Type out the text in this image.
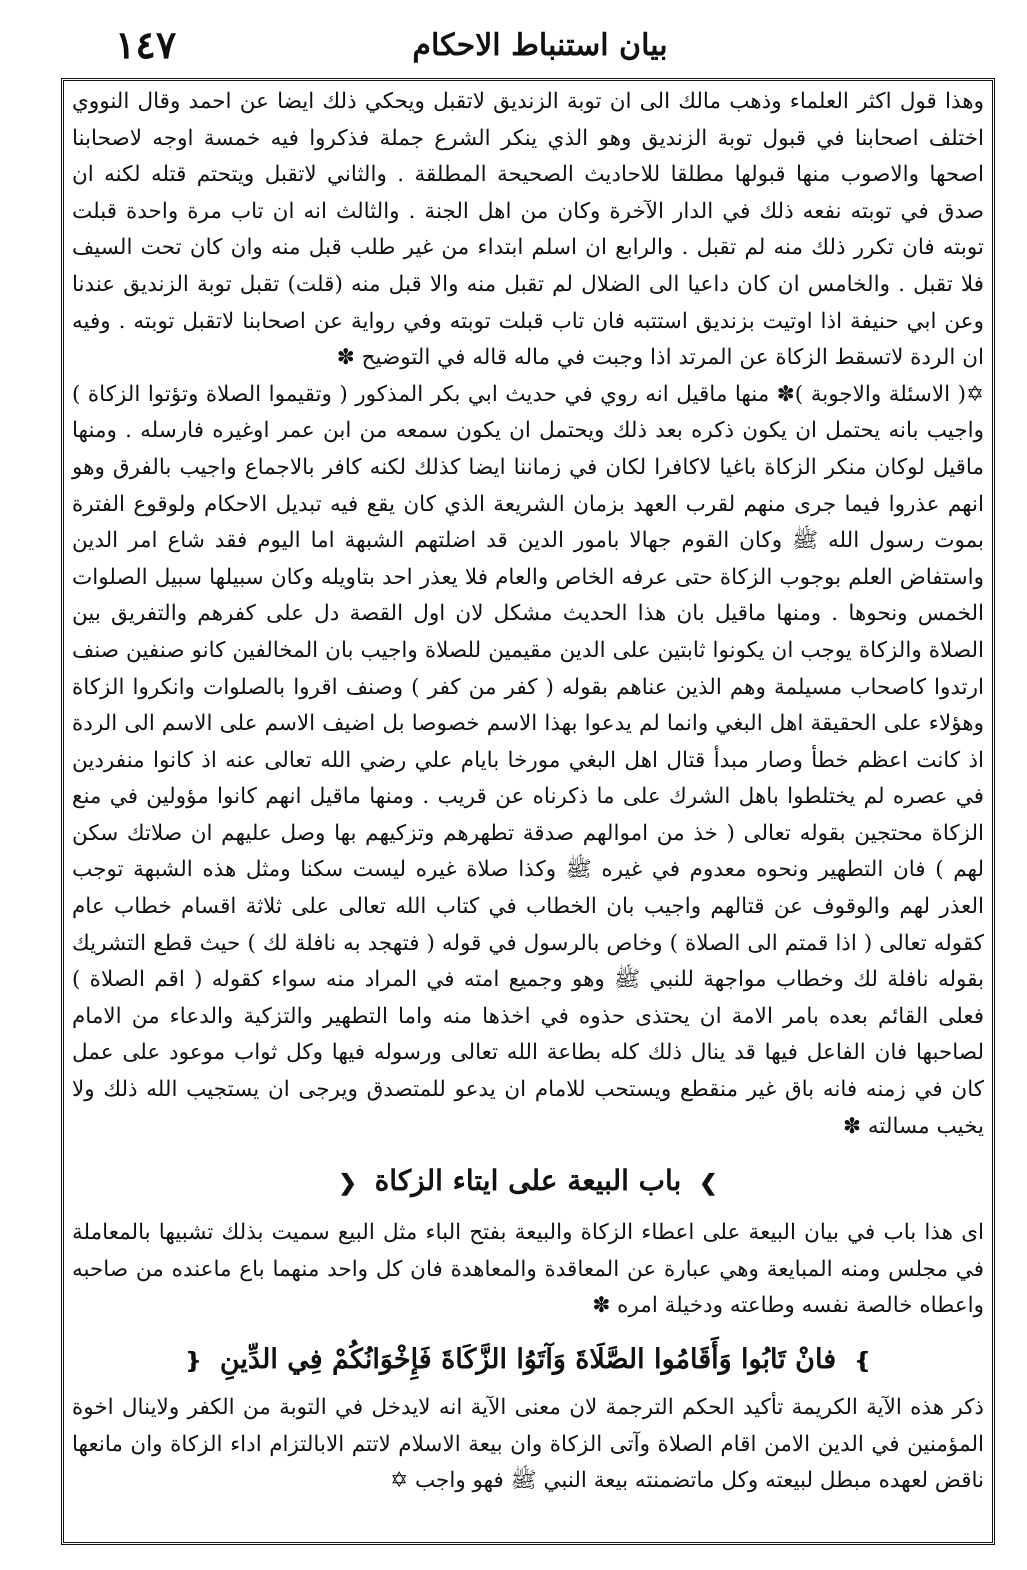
١٤٧	بيان استنباط الاحكام

وهذا قول اكثر العلماء وذهب مالك الى ان توبة الزنديق لاتقبل ويحكي ذلك ايضا عن احمد وقال النووي اختلف اصحابنا في قبول توبة الزنديق وهو الذي ينكر الشرع جملة فذكروا فيه خمسة اوجه لاصحابنا اصحها والاصوب منها قبولها مطلقا للاحاديث الصحيحة المطلقة . والثاني لاتقبل ويتحتم قتله لكنه ان صدق في توبته نفعه ذلك في الدار الآخرة وكان من اهل الجنة . والثالث انه ان تاب مرة واحدة قبلت توبته فان تكرر ذلك منه لم تقبل . والرابع ان اسلم ابتداء من غير طلب قبل منه وان كان تحت السيف فلا تقبل . والخامس ان كان داعيا الى الضلال لم تقبل منه والا قبل منه (قلت) تقبل توبة الزنديق عندنا وعن ابي حنيفة اذا اوتيت بزنديق استتبه فان تاب قبلت توبته وفي رواية عن اصحابنا لاتقبل توبته . وفيه ان الردة لاتسقط الزكاة عن المرتد اذا وجبت في ماله قاله في التوضيح ✽

✡( الاسئلة والاجوبة )✽ منها ماقيل انه روي في حديث ابي بكر المذكور ( وتقيموا الصلاة وتؤتوا الزكاة ) واجيب بانه يحتمل ان يكون ذكره بعد ذلك ويحتمل ان يكون سمعه من ابن عمر اوغيره فارسله . ومنها ماقيل لوكان منكر الزكاة باغيا لاكافرا لكان في زماننا ايضا كذلك لكنه كافر بالاجماع واجيب بالفرق وهو انهم عذروا فيما جرى منهم لقرب العهد بزمان الشريعة الذي كان يقع فيه تبديل الاحكام ولوقوع الفترة بموت رسول الله ﷺ وكان القوم جهالا بامور الدين قد اضلتهم الشبهة اما اليوم فقد شاع امر الدين واستفاض العلم بوجوب الزكاة حتى عرفه الخاص والعام فلا يعذر احد بتاويله وكان سبيلها سبيل الصلوات الخمس ونحوها . ومنها ماقيل بان هذا الحديث مشكل لان اول القصة دل على كفرهم والتفريق بين الصلاة والزكاة يوجب ان يكونوا ثابتين على الدين مقيمين للصلاة واجيب بان المخالفين كانو صنفين صنف ارتدوا كاصحاب مسيلمة وهم الذين عناهم بقوله ( كفر من كفر ) وصنف اقروا بالصلوات وانكروا الزكاة وهؤلاء على الحقيقة اهل البغي وانما لم يدعوا بهذا الاسم خصوصا بل اضيف الاسم على الاسم الى الردة اذ كانت اعظم خطأ وصار مبدأ قتال اهل البغي مورخا بايام علي رضي الله تعالى عنه اذ كانوا منفردين في عصره لم يختلطوا باهل الشرك على ما ذكرناه عن قريب . ومنها ماقيل انهم كانوا مؤولين في منع الزكاة محتجين بقوله تعالى ( خذ من اموالهم صدقة تطهرهم وتزكيهم بها وصل عليهم ان صلاتك سكن لهم ) فان التطهير ونحوه معدوم في غيره ﷺ وكذا صلاة غيره ليست سكنا ومثل هذه الشبهة توجب العذر لهم والوقوف عن قتالهم واجيب بان الخطاب في كتاب الله تعالى على ثلاثة اقسام خطاب عام كقوله تعالى ( اذا قمتم الى الصلاة ) وخاص بالرسول في قوله ( فتهجد به نافلة لك ) حيث قطع التشريك بقوله نافلة لك وخطاب مواجهة للنبي ﷺ وهو وجميع امته في المراد منه سواء كقوله ( اقم الصلاة ) فعلى القائم بعده بامر الامة ان يحتذى حذوه في اخذها منه واما التطهير والتزكية والدعاء من الامام لصاحبها فان الفاعل فيها قد ينال ذلك كله بطاعة الله تعالى ورسوله فيها وكل ثواب موعود على عمل كان في زمنه فانه باق غير منقطع ويستحب للامام ان يدعو للمتصدق ويرجى ان يستجيب الله ذلك ولا يخيب مسالته ✽

❯ باب البيعة على ايتاء الزكاة ❮

اى هذا باب في بيان البيعة على اعطاء الزكاة والبيعة بفتح الباء مثل البيع سميت بذلك تشبيها بالمعاملة في مجلس ومنه المبايعة وهي عبارة عن المعاقدة والمعاهدة فان كل واحد منهما باع ماعنده من صاحبه واعطاه خالصة نفسه وطاعته ودخيلة امره ✽

❵ فانْ تَابُوا وَأَقَامُوا الصَّلَاةَ وَآتَوُا الزَّكَاةَ فَإِخْوَانُكُمْ فِي الدِّينِ ❴

ذكر هذه الآية الكريمة تأكيد الحكم الترجمة لان معنى الآية انه لايدخل في التوبة من الكفر ولاينال اخوة المؤمنين في الدين الامن اقام الصلاة وآتى الزكاة وان بيعة الاسلام لاتتم الابالتزام اداء الزكاة وان مانعها ناقض لعهده مبطل لبيعته وكل ماتضمنته بيعة النبي ﷺ فهو واجب ✡
